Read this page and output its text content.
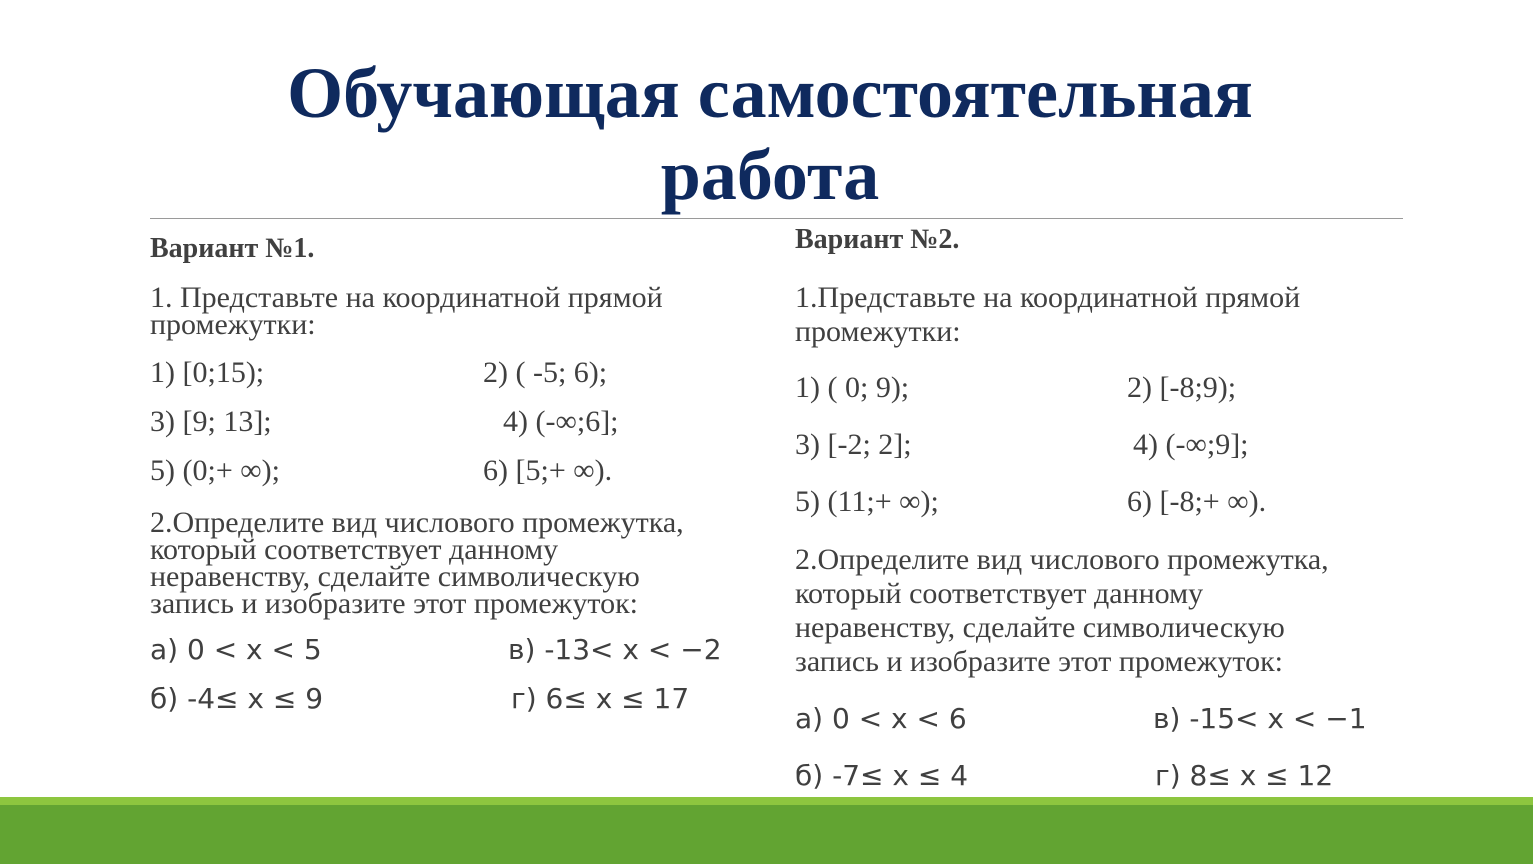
Обучающая самостоятельная
работа
Вариант №1.
1. Представьте на координатной прямой
промежутки:
1) [0;15);	2) ( -5; 6);
3) [9; 13];	4) (-∞;6];
5) (0;+ ∞);	6) [5;+ ∞).
2.Определите вид числового промежутка,
который соответствует данному
неравенству, сделайте символическую
запись и изобразите этот промежуток:
а) 0 < x < 5	в) -13< x < −2
б) -4≤ x ≤ 9	г) 6≤ x ≤ 17
Вариант №2.
1.Представьте на координатной прямой
промежутки:
1) ( 0; 9);	2) [-8;9);
3) [-2; 2];	4) (-∞;9];
5) (11;+ ∞);	6) [-8;+ ∞).
2.Определите вид числового промежутка,
который соответствует данному
неравенству, сделайте символическую
запись и изобразите этот промежуток:
а) 0 < x < 6	в) -15< x < −1
б) -7≤ x ≤ 4	г) 8≤ x ≤ 12
